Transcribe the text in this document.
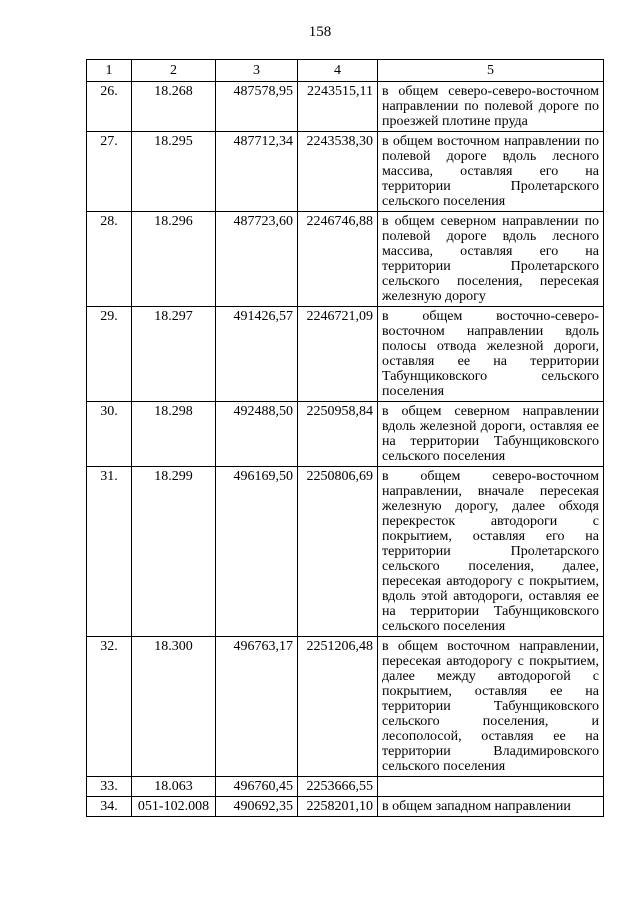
158
1	2	3	4	5
26.	18.268	487578,95	2243515,11	в общем северо-северо-восточном направлении по полевой дороге по проезжей плотине пруда
27.	18.295	487712,34	2243538,30	в общем восточном направлении по полевой дороге вдоль лесного массива, оставляя его на территории Пролетарского сельского поселения
28.	18.296	487723,60	2246746,88	в общем северном направлении по полевой дороге вдоль лесного массива, оставляя его на территории Пролетарского сельского поселения, пересекая железную дорогу
29.	18.297	491426,57	2246721,09	в общем восточно-северо-восточном направлении вдоль полосы отвода железной дороги, оставляя ее на территории Табунщиковского сельского поселения
30.	18.298	492488,50	2250958,84	в общем северном направлении вдоль железной дороги, оставляя ее на территории Табунщиковского сельского поселения
31.	18.299	496169,50	2250806,69	в общем северо-восточном направлении, вначале пересекая железную дорогу, далее обходя перекресток автодороги с покрытием, оставляя его на территории Пролетарского сельского поселения, далее, пересекая автодорогу с покрытием, вдоль этой автодороги, оставляя ее на территории Табунщиковского сельского поселения
32.	18.300	496763,17	2251206,48	в общем восточном направлении, пересекая автодорогу с покрытием, далее между автодорогой с покрытием, оставляя ее на территории Табунщиковского сельского поселения, и лесополосой, оставляя ее на территории Владимировского сельского поселения
33.	18.063	496760,45	2253666,55	
34.	051-102.008	490692,35	2258201,10	в общем западном направлении
